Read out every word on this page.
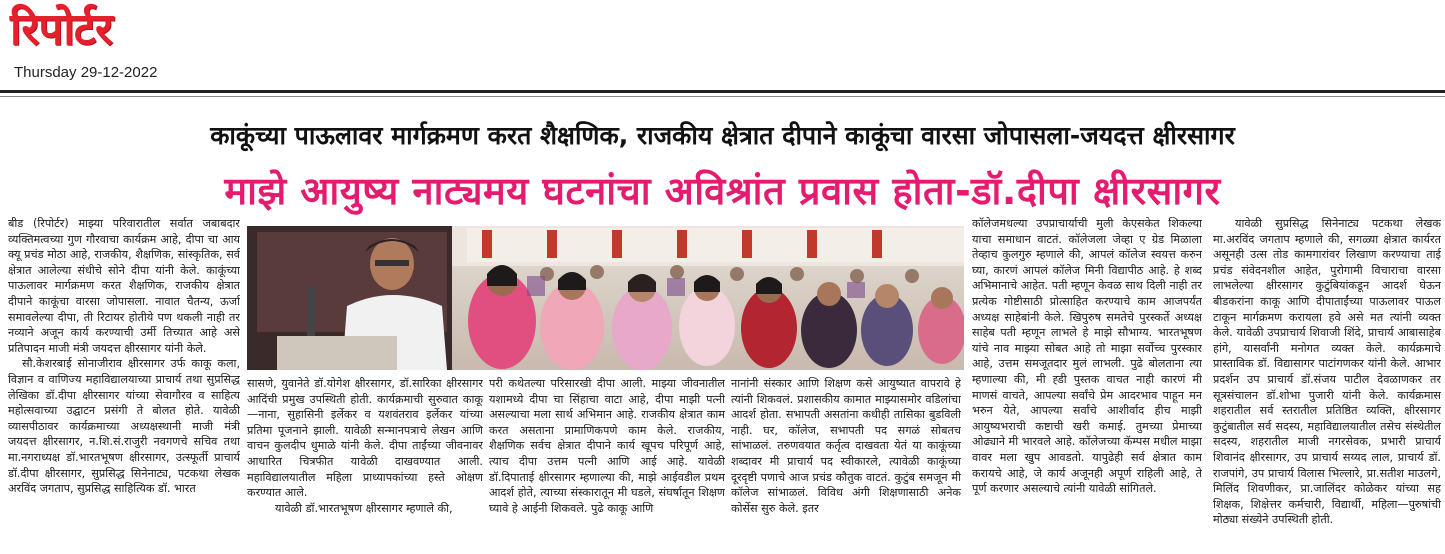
रिपोर्टर
Thursday 29-12-2022
काकूंच्या पाऊलावर मार्गक्रमण करत शैक्षणिक, राजकीय क्षेत्रात दीपाने काकूंचा वारसा जोपासला-जयदत्त क्षीरसागर
माझे आयुष्य नाट्यमय घटनांचा अविश्रांत प्रवास होता-डॉ.दीपा क्षीरसागर

बीड (रिपोर्टर) माझ्या परिवारातील सर्वात जबाबदार व्यक्तिमत्वच्या गुण गौरवाचा कार्यक्रम आहे, दीपा चा आय क्यू प्रचंड मोठा आहे, राजकीय, शैक्षणिक, सांस्कृतिक, सर्व क्षेत्रात आलेल्या संधीचे सोने दीपा यांनी केले. काकूंच्या पाऊलावर मार्गक्रमण करत शैक्षणिक, राजकीय क्षेत्रात दीपाने काकूंचा वारसा जोपासला. नावात चैतन्य, ऊर्जा समावलेल्या दीपा, ती रिटायर होतीये पण थकली नाही तर नव्याने अजून कार्य करण्याची उर्मी तिच्यात आहे असे प्रतिपादन माजी मंत्री जयदत्त क्षीरसागर यांनी केले.

सौ.केशरबाई सोनाजीराव क्षीरसागर उर्फ काकू कला, विज्ञान व वाणिज्य महाविद्यालयाच्या प्राचार्य तथा सुप्रसिद्ध लेखिका डॉ.दीपा क्षीरसागर यांच्या सेवागौरव व साहित्य महोत्सवाच्या उद्घाटन प्रसंगी ते बोलत होते. यावेळी व्यासपीठावर कार्यक्रमाच्या अध्यक्षस्थानी माजी मंत्री जयदत्त क्षीरसागर, न.शि.सं.राजुरी नवगणचे सचिव तथा मा.नगराध्यक्ष डॉ.भारतभूषण क्षीरसागर, उत्स्फूर्ती प्राचार्य डॉ.दीपा क्षीरसागर, सुप्रसिद्ध सिनेनाट्य, पटकथा लेखक अरविंद जगताप, सुप्रसिद्ध साहित्यिक डॉ. भारत

सासणे, युवानेते डॉ.योगेश क्षीरसागर, डॉ.सारिका क्षीरसागर आदिंची प्रमुख उपस्थिती होती. कार्यक्रमाची सुरुवात काकू—नाना, सुहासिनी इर्लेकर व यशवंतराव इर्लेकर यांच्या प्रतिमा पूजनाने झाली. यावेळी सन्मानपत्राचे लेखन आणि वाचन कुलदीप धुमाळे यांनी केले. दीपा ताईंच्या जीवनावर आधारित चित्रफीत यावेळी दाखवण्यात आली. महाविद्यालयातील महिला प्राध्यापकांच्या हस्ते ओक्षण करण्यात आले.

यावेळी डॉ.भारतभूषण क्षीरसागर म्हणाले की,

परी कथेतल्या परिसारखी दीपा आली. माझ्या जीवनातील यशामध्ये दीपा चा सिंहाचा वाटा आहे, दीपा माझी पत्नी असल्याचा मला सार्थ अभिमान आहे. राजकीय क्षेत्रात काम करत असताना प्रामाणिकपणे काम केले. राजकीय, शैक्षणिक सर्वच क्षेत्रात दीपाने कार्य खूपच परिपूर्ण आहे, त्याच दीपा उत्तम पत्नी आणि आई आहे. यावेळी डॉ.दिपाताई क्षीरसागर म्हणाल्या की, माझे आईवडील प्रथम आदर्श होते, त्याच्या संस्कारातून मी घडले, संघर्षातून शिक्षण घ्यावे हे आईनी शिकवले. पुढे काकू आणि

नानांनी संस्कार आणि शिक्षण कसे आयुष्यात वापरावे हे त्यांनी शिकवलं. प्रशासकीय कामात माझ्यासमोर वडिलांचा आदर्श होता. सभापती असतांना कधीही तासिका बुडविली नाही. घर, कॉलेज, सभापती पद सगळं सोबतच सांभाळलं. तरुणवयात कर्तृत्व दाखवता येतं या काकूंच्या शब्दावर मी प्राचार्य पद स्वीकारले, त्यावेळी काकूंच्या दूरदृष्टी पणाचे आज प्रचंड कौतुक वाटतं. कुटुंब समजून मी कॉलेज सांभाळलं. विविध अंगी शिक्षणासाठी अनेक कोर्सेस सुरु केले. इतर

कॉलेजमधल्या उपप्राचार्याची मुली केएसकेत शिकल्या याचा समाधान वाटतं. कॉलेजला जेव्हा ए ग्रेड मिळाला तेव्हाच कुलगुरु म्हणाले की, आपलं कॉलेज स्वयत्त करुन घ्या, कारणं आपलं कॉलेज मिनी विद्यापीठ आहे. हे शब्द अभिमानाचे आहेत. पती म्हणून केवळ साथ दिली नाही तर प्रत्येक गोष्टीसाठी प्रोत्साहित करण्याचे काम आजपर्यंत अध्यक्ष साहेबांनी केले. खिपुरुष समतेचे पुरस्कर्ते अध्यक्ष साहेब पती म्हणून लाभले हे माझे सौभाग्य. भारतभूषण यांचे नाव माझ्या सोबत आहे तो माझा सर्वोच्च पुरस्कार आहे, उत्तम समजूतदार मुलं लाभली. पुढे बोलताना त्या म्हणाल्या की, मी ह्डी पुस्तक वाचत नाही कारणं मी माणसं वाचते, आपल्या सर्वांचे प्रेम आदरभाव पाहून मन भरुन येते, आपल्या सर्वांचे आशीर्वाद हीच माझी आयुष्यभराची कष्टाची खरी कमाई. तुमच्या प्रेमाच्या ओढ्याने मी भारवले आहे. कॉलेजच्या कॅम्पस मधील माझा वावर मला खुप आवडतो. यापुढेही सर्व क्षेत्रात काम करायचे आहे, जे कार्य अजूनही अपूर्ण राहिली आहे, ते पूर्ण करणार असल्याचे त्यांनी यावेळी सांगितले.

यावेळी सुप्रसिद्ध सिनेनाट्य पटकथा लेखक मा.अरविंद जगताप म्हणाले की, सगळ्या क्षेत्रात कार्यरत असूनही उत्स तोड कामगारांवर लिखाण करण्याचा ताई प्रचंड संवेदनशील आहेत, पुरोगामी विचाराचा वारसा लाभलेल्या क्षीरसागर कुटुंबियांकडून आदर्श घेऊन बीडकरांना काकू आणि दीपाताईंच्या पाऊलावर पाऊल टाकून मार्गक्रमण करायला हवे असे मत त्यांनी व्यक्त केले. यावेळी उपप्राचार्य शिवाजी शिंदे, प्राचार्य आबासाहेब हांगे, यासर्वांनी मनोगत व्यक्त केले. कार्यक्रमाचे प्रास्ताविक डॉ. विद्यासागर पाटांगणकर यांनी केले. आभार प्रदर्शन उप प्राचार्य डॉ.संजय पाटील देवळाणकर तर सूत्रसंचालन डॉ.शोभा पुजारी यांनी केले. कार्यक्रमास शहरातील सर्व स्तरातील प्रतिष्ठित व्यक्ति, क्षीरसागर कुटुंबातील सर्व सदस्य, महाविद्यालयातील तसेच संस्थेतील सदस्य, शहरातील माजी नगरसेवक, प्रभारी प्राचार्य शिवानंद क्षीरसागर, उप प्राचार्य सय्यद लाल, प्राचार्य डॉ. राजपांगे, उप प्राचार्य विलास भिल्लारे, प्रा.सतीश माउलगे, मिलिंद शिवणीकर, प्रा.जालिंदर कोळेकर यांच्या सह शिक्षक, शिक्षेत्तर कर्मचारी, विद्यार्थी, महिला—पुरुषांची मोठ्या संख्येने उपस्थिती होती.
